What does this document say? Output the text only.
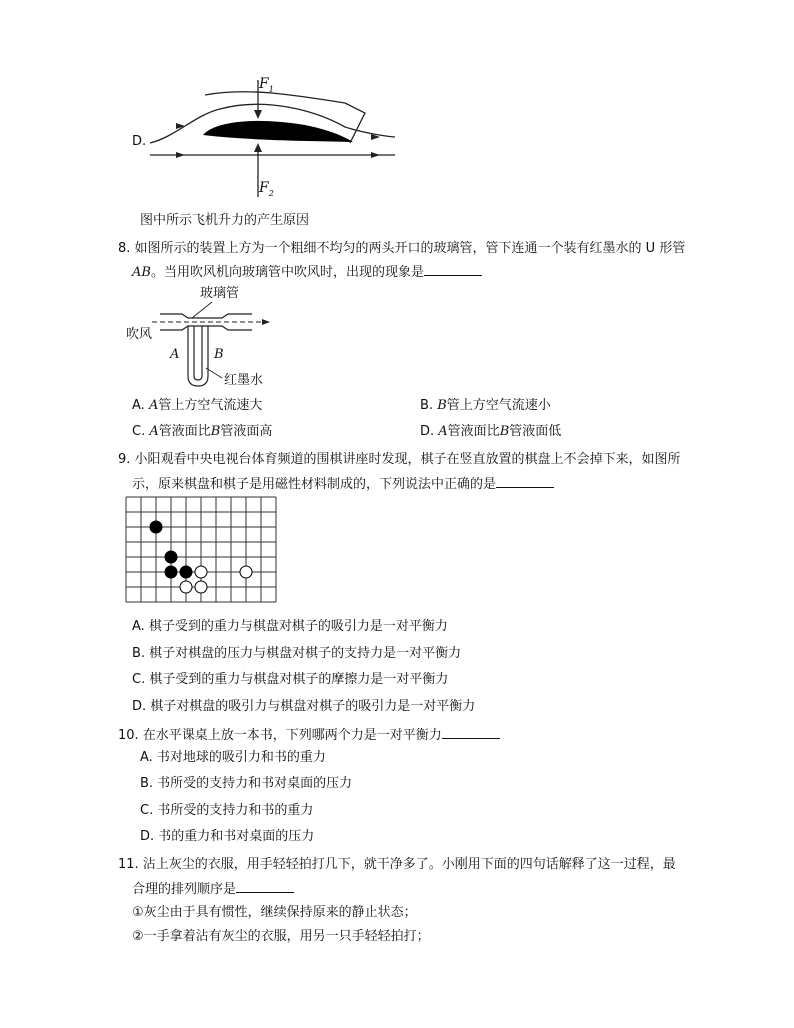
D.
$F_1$
$F_2$
图中所示飞机升力的产生原因
8. 如图所示的装置上方为一个粗细不均匀的两头开口的玻璃管，管下连通一个装有红墨水的 U 形管
AB。当用吹风机向玻璃管中吹风时，出现的现象是
玻璃管
吹风
A	B
红墨水
A. A管上方空气流速大	B. B管上方空气流速小
C. A管液面比B管液面高	D. A管液面比B管液面低
9. 小阳观看中央电视台体育频道的围棋讲座时发现，棋子在竖直放置的棋盘上不会掉下来，如图所
示，原来棋盘和棋子是用磁性材料制成的，下列说法中正确的是
A. 棋子受到的重力与棋盘对棋子的吸引力是一对平衡力
B. 棋子对棋盘的压力与棋盘对棋子的支持力是一对平衡力
C. 棋子受到的重力与棋盘对棋子的摩擦力是一对平衡力
D. 棋子对棋盘的吸引力与棋盘对棋子的吸引力是一对平衡力
10. 在水平课桌上放一本书，下列哪两个力是一对平衡力
A. 书对地球的吸引力和书的重力
B. 书所受的支持力和书对桌面的压力
C. 书所受的支持力和书的重力
D. 书的重力和书对桌面的压力
11. 沾上灰尘的衣服，用手轻轻拍打几下，就干净多了。小刚用下面的四句话解释了这一过程，最
合理的排列顺序是
①灰尘由于具有惯性，继续保持原来的静止状态；
②一手拿着沾有灰尘的衣服，用另一只手轻轻拍打；
